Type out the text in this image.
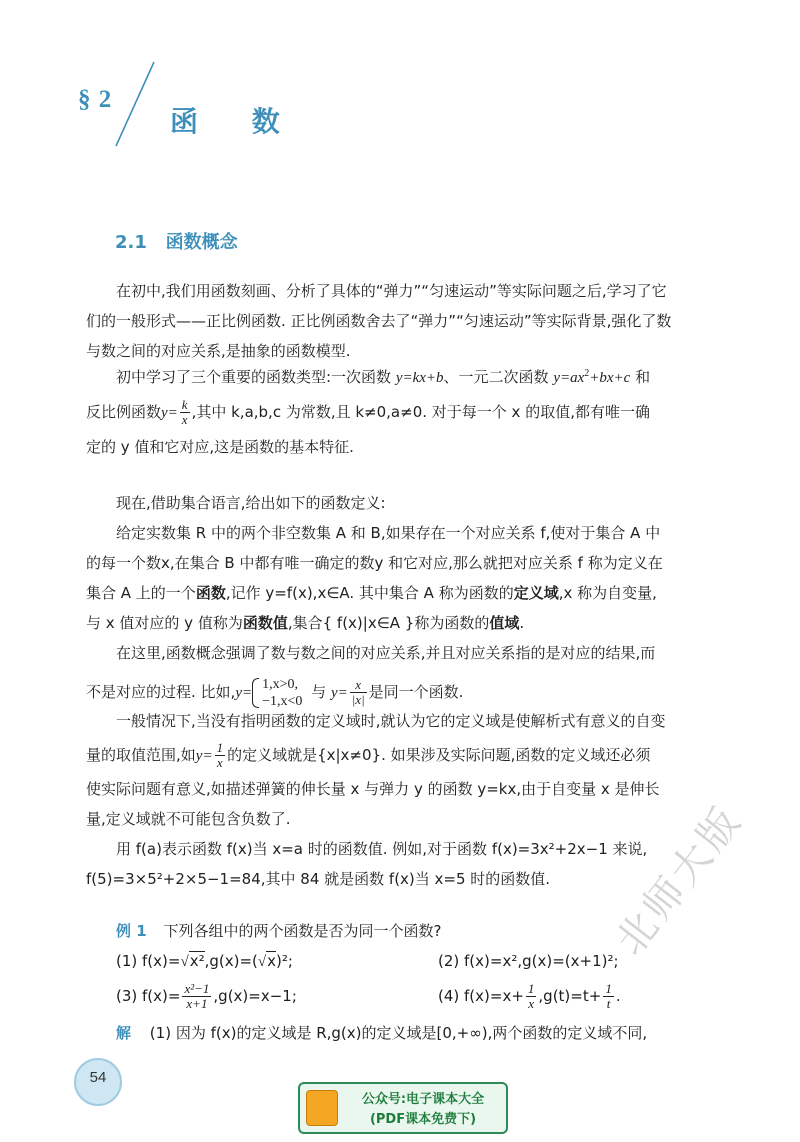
§ 2
函 数
2.1   函数概念
在初中,我们用函数刻画、分析了具体的“弹力”“匀速运动”等实际问题之后,学习了它
们的一般形式——正比例函数. 正比例函数舍去了“弹力”“匀速运动”等实际背景,强化了数
与数之间的对应关系,是抽象的函数模型.
初中学习了三个重要的函数类型:一次函数 y=kx+b、一元二次函数 $y=ax^2+bx+c$ 和
反比例函数$y= \frac{k}{x}$ ,其中 k,a,b,c 为常数,且 k≠0,a≠0. 对于每一个 x 的取值,都有唯一确
定的 y 值和它对应,这是函数的基本特征.
现在,借助集合语言,给出如下的函数定义:
给定实数集 R 中的两个非空数集 A 和 B,如果存在一个对应关系 f,使对于集合 A 中
的每一个数x,在集合 B 中都有唯一确定的数y 和它对应,那么就把对应关系 f 称为定义在
集合 A 上的一个函数,记作 y=f(x),x∈A. 其中集合 A 称为函数的定义域,x 称为自变量,
与 x 值对应的 y 值称为函数值,集合{ f(x)|x∈A }称为函数的值域.
在这里,函数概念强调了数与数之间的对应关系,并且对应关系指的是对应的结果,而
不是对应的过程. 比如,y=
1,x>0,
−1,x<0 与 $y= \frac{x}{|x|}$ 是同一个函数.
一般情况下,当没有指明函数的定义域时,就认为它的定义域是使解析式有意义的自变
量的取值范围,如$y= \frac{1}{x}$ 的定义域就是{x|x≠0}. 如果涉及实际问题,函数的定义域还必须
使实际问题有意义,如描述弹簧的伸长量 x 与弹力 y 的函数 y=kx,由于自变量 x 是伸长
量,定义域就不可能包含负数了.
用 f(a)表示函数 f(x)当 x=a 时的函数值. 例如,对于函数 f(x)=3x²+2x−1 来说,
f(5)=3×5²+2×5−1=84,其中 84 就是函数 f(x)当 x=5 时的函数值.
例 1 下列各组中的两个函数是否为同一个函数?
(1) f(x)=√x²,g(x)=(√x)²;	(2) f(x)=x²,g(x)=(x+1)²;
(3) $f(x)= \frac{\text{x²−1}}{x+1} ,g(x)=x-1$;	(4) $f(x)=x+ \frac{1}{x} ,g(t)=t+ \frac{1}{t}$ .
解 (1) 因为 f(x)的定义域是 R,g(x)的定义域是[0,+∞),两个函数的定义域不同,
54
公众号:电子课本大全
(PDF课本免费下)
北师大版
